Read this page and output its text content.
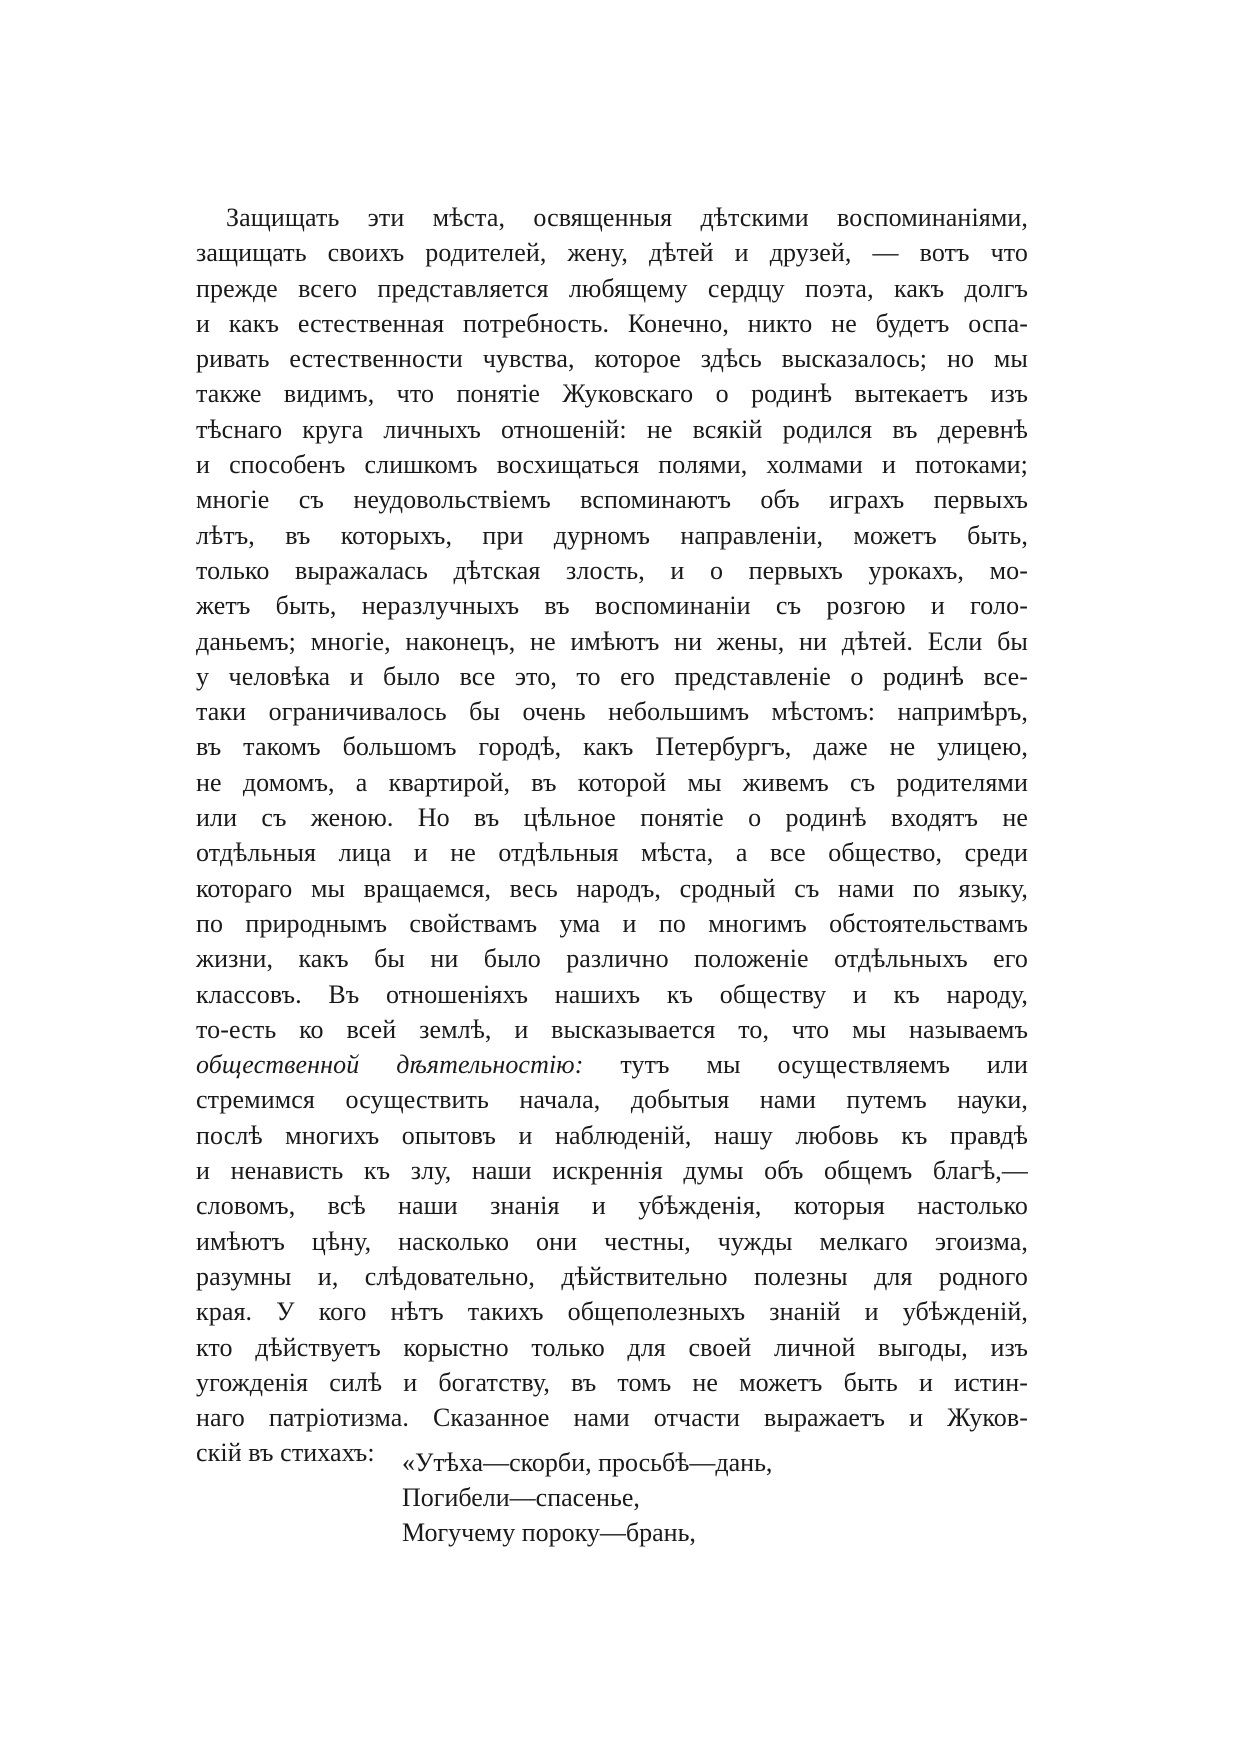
Защищать эти мѣста, освященныя дѣтскими воспоминаніями,
защищать своихъ родителей, жену, дѣтей и друзей, — вотъ что
прежде всего представляется любящему сердцу поэта, какъ долгъ
и какъ естественная потребность. Конечно, никто не будетъ оспа-
ривать естественности чувства, которое здѣсь высказалось; но мы
также видимъ, что понятіе Жуковскаго о родинѣ вытекаетъ изъ
тѣснаго круга личныхъ отношеній: не всякій родился въ деревнѣ
и способенъ слишкомъ восхищаться полями, холмами и потоками;
многіе съ неудовольствіемъ вспоминаютъ объ играхъ первыхъ
лѣтъ, въ которыхъ, при дурномъ направленіи, можетъ быть,
только выражалась дѣтская злость, и о первыхъ урокахъ, мо-
жетъ быть, неразлучныхъ въ воспоминаніи съ розгою и голо-
даньемъ; многіе, наконецъ, не имѣютъ ни жены, ни дѣтей. Если бы
у человѣка и было все это, то его представленіе о родинѣ все-
таки ограничивалось бы очень небольшимъ мѣстомъ: напримѣръ,
въ такомъ большомъ городѣ, какъ Петербургъ, даже не улицею,
не домомъ, а квартирой, въ которой мы живемъ съ родителями
или съ женою. Но въ цѣльное понятіе о родинѣ входятъ не
отдѣльныя лица и не отдѣльныя мѣста, а все общество, среди
котораго мы вращаемся, весь народъ, сродный съ нами по языку,
по природнымъ свойствамъ ума и по многимъ обстоятельствамъ
жизни, какъ бы ни было различно положеніе отдѣльныхъ его
классовъ. Въ отношеніяхъ нашихъ къ обществу и къ народу,
то-есть ко всей землѣ, и высказывается то, что мы называемъ
общественной дѣятельностію: тутъ мы осуществляемъ или
стремимся осуществить начала, добытыя нами путемъ науки,
послѣ многихъ опытовъ и наблюденій, нашу любовь къ правдѣ
и ненависть къ злу, наши искреннія думы объ общемъ благѣ,—
словомъ, всѣ наши знанія и убѣжденія, которыя настолько
имѣютъ цѣну, насколько они честны, чужды мелкаго эгоизма,
разумны и, слѣдовательно, дѣйствительно полезны для родного
края. У кого нѣтъ такихъ общеполезныхъ знаній и убѣжденій,
кто дѣйствуетъ корыстно только для своей личной выгоды, изъ
угожденія силѣ и богатству, въ томъ не можетъ быть и истин-
наго патріотизма. Сказанное нами отчасти выражаетъ и Жуков-
скій въ стихахъ:	«Утѣха—скорби, просьбѣ—дань,
Погибели—спасенье,
Могучему пороку—брань,
